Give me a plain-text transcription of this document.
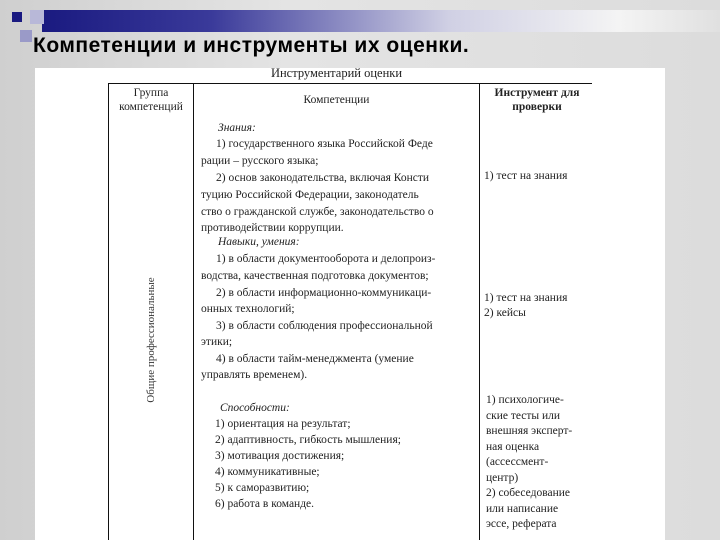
Компетенции и инструменты их оценки.
Инструментарий оценки
Группа компетенций
Компетенции
Инструмент для проверки
Общие профессиональные
Знания:
1) государственного языка Российской Феде
рации – русского языка;
2) основ законодательства, включая Консти
туцию Российской Федерации, законодатель
ство о гражданской службе, законодательство о
противодействии коррупции.
1) тест на знания
Навыки, умения:
1) в области документооборота и делопроиз-
водства, качественная подготовка документов;
2) в области информационно-коммуникаци-
онных технологий;
3) в области соблюдения профессиональной
этики;
4) в области тайм-менеджмента (умение
управлять временем).
1) тест на знания
2) кейсы
Способности:
1) ориентация на результат;
2) адаптивность, гибкость мышления;
3) мотивация достижения;
4) коммуникативные;
5) к саморазвитию;
6) работа в команде.
1) психологиче-
ские тесты или
внешняя эксперт-
ная оценка
(ассессмент-
центр)
2) собеседование
или написание
эссе, реферата
